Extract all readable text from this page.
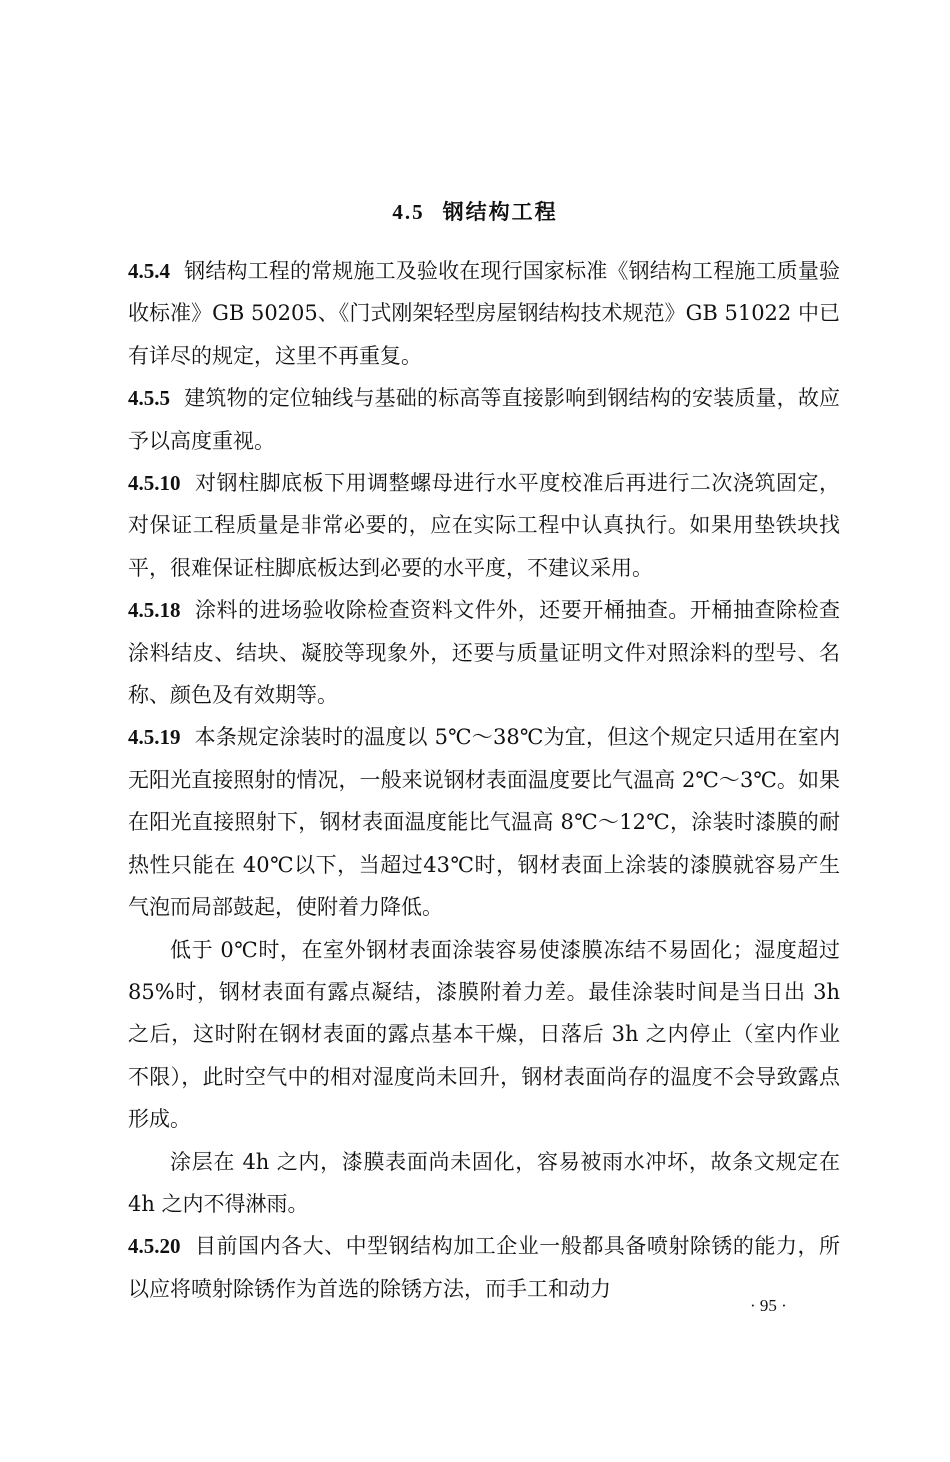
4.5 钢结构工程

4.5.4 钢结构工程的常规施工及验收在现行国家标准《钢结构工程施工质量验收标准》GB 50205、《门式刚架轻型房屋钢结构技术规范》GB 51022 中已有详尽的规定，这里不再重复。

4.5.5 建筑物的定位轴线与基础的标高等直接影响到钢结构的安装质量，故应予以高度重视。

4.5.10 对钢柱脚底板下用调整螺母进行水平度校准后再进行二次浇筑固定，对保证工程质量是非常必要的，应在实际工程中认真执行。如果用垫铁块找平，很难保证柱脚底板达到必要的水平度，不建议采用。

4.5.18 涂料的进场验收除检查资料文件外，还要开桶抽查。开桶抽查除检查涂料结皮、结块、凝胶等现象外，还要与质量证明文件对照涂料的型号、名称、颜色及有效期等。

4.5.19 本条规定涂装时的温度以 5℃～38℃为宜，但这个规定只适用在室内无阳光直接照射的情况，一般来说钢材表面温度要比气温高 2℃～3℃。如果在阳光直接照射下，钢材表面温度能比气温高 8℃～12℃，涂装时漆膜的耐热性只能在 40℃以下，当超过43℃时，钢材表面上涂装的漆膜就容易产生气泡而局部鼓起，使附着力降低。

低于 0℃时，在室外钢材表面涂装容易使漆膜冻结不易固化；湿度超过 85%时，钢材表面有露点凝结，漆膜附着力差。最佳涂装时间是当日出 3h 之后，这时附在钢材表面的露点基本干燥，日落后 3h 之内停止（室内作业不限），此时空气中的相对湿度尚未回升，钢材表面尚存的温度不会导致露点形成。

涂层在 4h 之内，漆膜表面尚未固化，容易被雨水冲坏，故条文规定在 4h 之内不得淋雨。

4.5.20 目前国内各大、中型钢结构加工企业一般都具备喷射除锈的能力，所以应将喷射除锈作为首选的除锈方法，而手工和动力

· 95 ·
